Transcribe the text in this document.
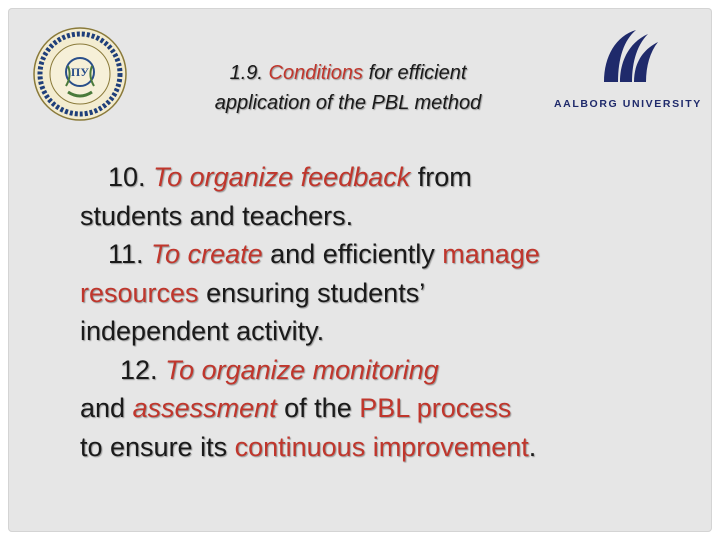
ПУ	1.9. Conditions for efficient
application of the PBL method	AALBORG UNIVERSITY
10. To organize feedback from
students and teachers.
11. To create and efficiently manage
resources ensuring students’
independent activity.
12. To organize monitoring
and assessment of the PBL process
to ensure its continuous improvement.
